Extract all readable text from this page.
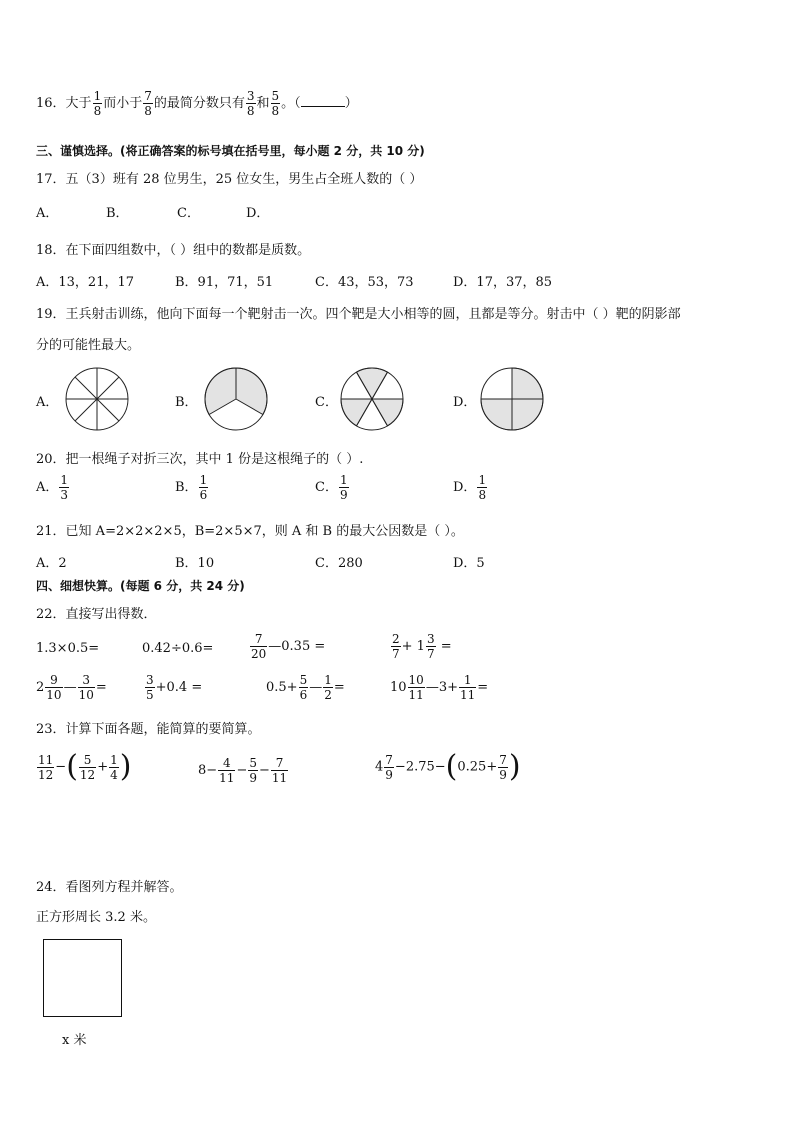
16．大于 $\frac{1}{8}$ 而小于 $\frac{7}{8}$ 的最简分数只有 $\frac{3}{8}$ 和 $\frac{5}{8}$ 。（	）
三、谨慎选择。(将正确答案的标号填在括号里，每小题 2 分，共 10 分)
17．五（3）班有 28 位男生，25 位女生，男生占全班人数的（ ）
A．	B．	C．	D．
18．在下面四组数中，（ ）组中的数都是质数。
A．13，21，17	B．91，71，51	C．43，53，73	D．17，37，85
19．王兵射击训练，他向下面每一个靶射击一次。四个靶是大小相等的圆，且都是等分。射击中（ ）靶的阴影部
分的可能性最大。
A．	B．	C．	D．
20．把一根绳子对折三次，其中 1 份是这根绳子的（ ）.
A． $\frac{1}{3}$	B． $\frac{1}{6}$	C． $\frac{1}{9}$	D． $\frac{1}{8}$
21．已知 A=2×2×2×5，B=2×5×7，则 A 和 B 的最大公因数是（ ）。
A．2	B．10	C．280	D．5
四、细想快算。(每题 6 分，共 24 分)
22．直接写出得数．
1.3×0.5=	0.42÷0.6=	$\frac{7}{20}$ —0.35 =	$\frac{2}{7} + 1 \frac{3}{7}$ =
$2 \frac{9}{10}$ — $\frac{3}{10}$ =	$\frac{3}{5} +0.4$ =	$0.5+ \frac{5}{6}$ — $\frac{1}{2}$ =	$10 \frac{10}{11}$ —3+ $\frac{1}{11}$ =
23．计算下面各题，能简算的要简算。
$\frac{11}{12}$ −( $\frac{5}{12} + \frac{1}{4}$ )	$8- \frac{4}{11} - \frac{5}{9} - \frac{7}{11}$	$4 \frac{7}{9} -2.75-(0.25+ \frac{7}{9}$ )
24．看图列方程并解答。
正方形周长 3.2 米。
x 米
